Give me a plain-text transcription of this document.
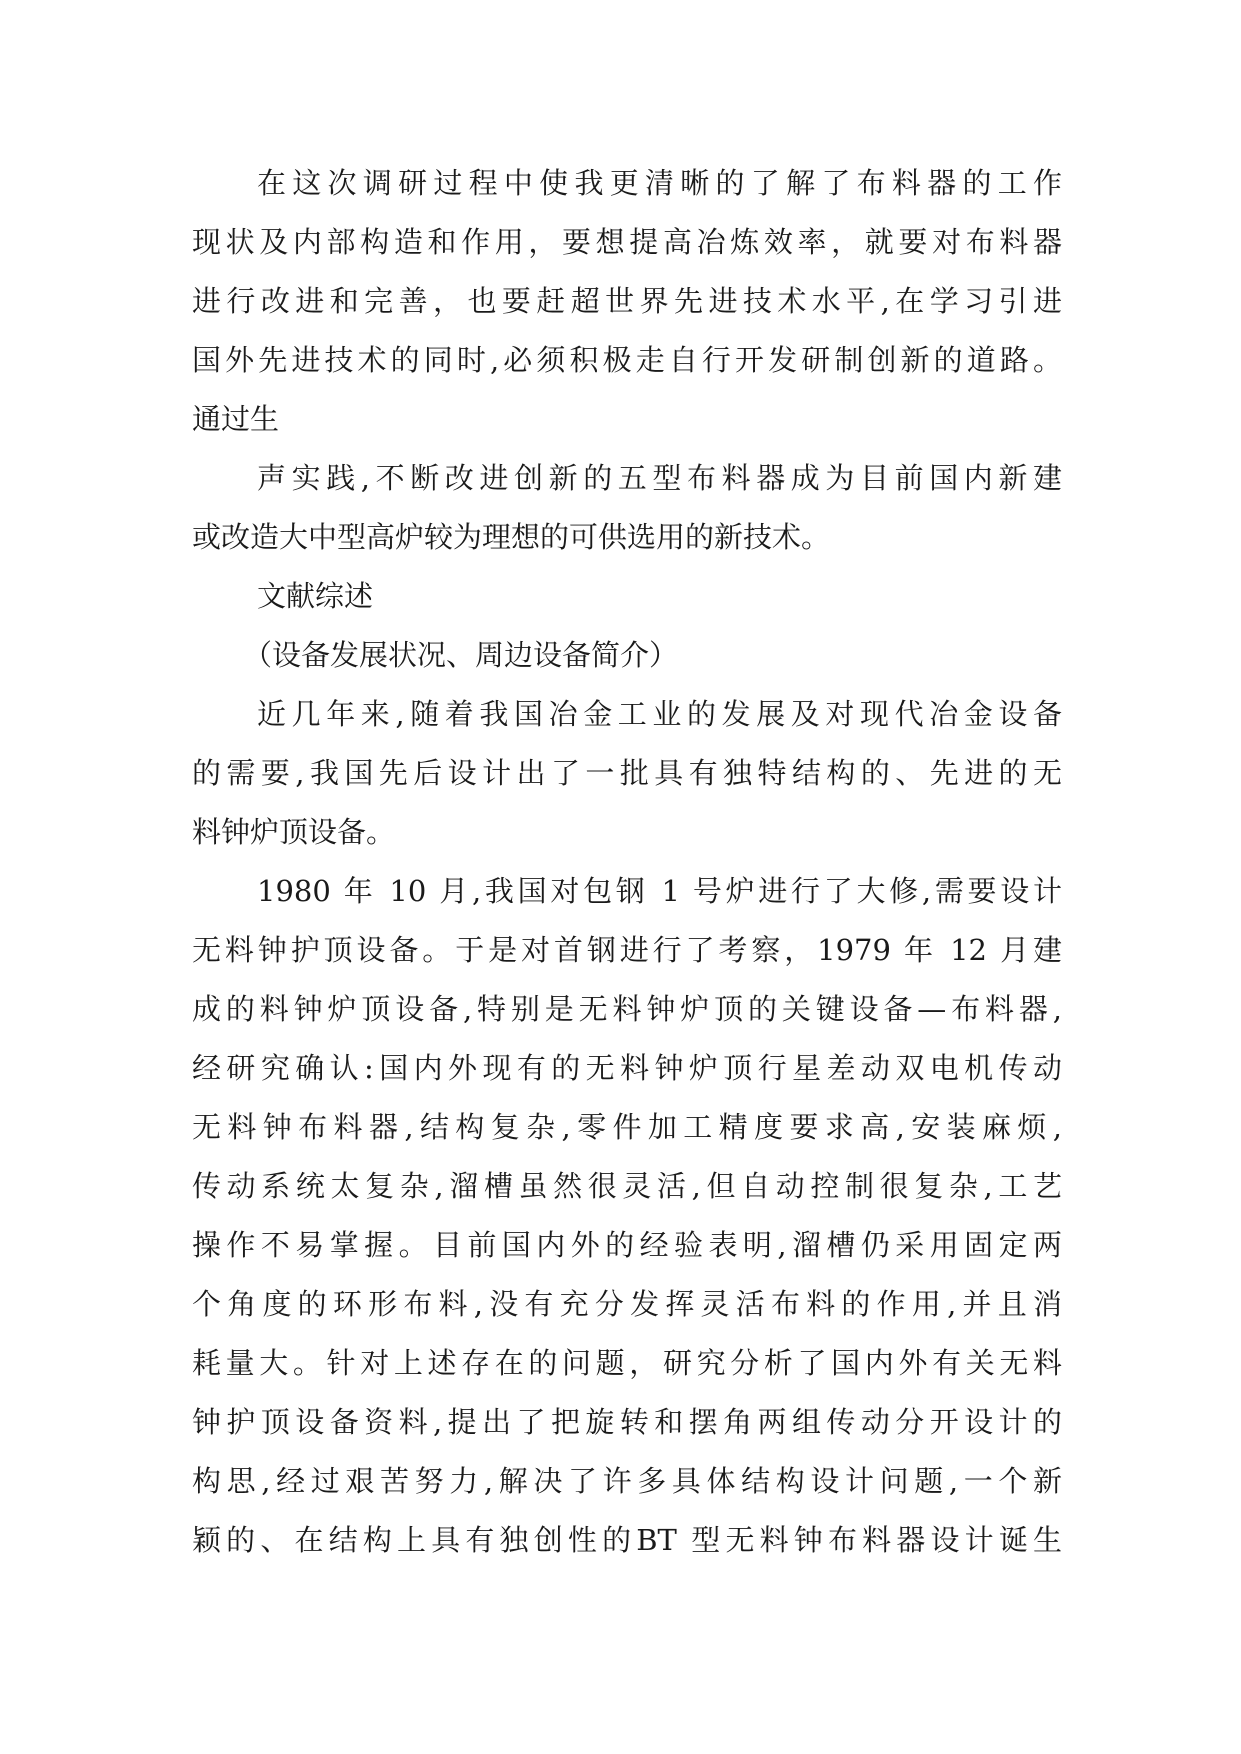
在这次调研过程中使我更清晰的了解了布料器的工作
现状及内部构造和作用，要想提高冶炼效率，就要对布料器
进行改进和完善，也要赶超世界先进技术水平,在学习引进
国外先进技术的同时,必须积极走自行开发研制创新的道路。
通过生
声实践,不断改进创新的五型布料器成为目前国内新建
或改造大中型高炉较为理想的可供选用的新技术。
文献综述
（设备发展状况、周边设备简介）
近几年来,随着我国冶金工业的发展及对现代冶金设备
的需要,我国先后设计出了一批具有独特结构的、先进的无
料钟炉顶设备。
1980 年 10 月,我国对包钢 1 号炉进行了大修,需要设计
无料钟护顶设备。于是对首钢进行了考察，1979 年 12 月建
成的料钟炉顶设备,特别是无料钟炉顶的关键设备—布料器,
经研究确认:国内外现有的无料钟炉顶行星差动双电机传动
无料钟布料器,结构复杂,零件加工精度要求高,安装麻烦,
传动系统太复杂,溜槽虽然很灵活,但自动控制很复杂,工艺
操作不易掌握。目前国内外的经验表明,溜槽仍采用固定两
个角度的环形布料,没有充分发挥灵活布料的作用,并且消
耗量大。针对上述存在的问题，研究分析了国内外有关无料
钟护顶设备资料,提出了把旋转和摆角两组传动分开设计的
构思,经过艰苦努力,解决了许多具体结构设计问题,一个新
颖的、在结构上具有独创性的BT 型无料钟布料器设计诞生
